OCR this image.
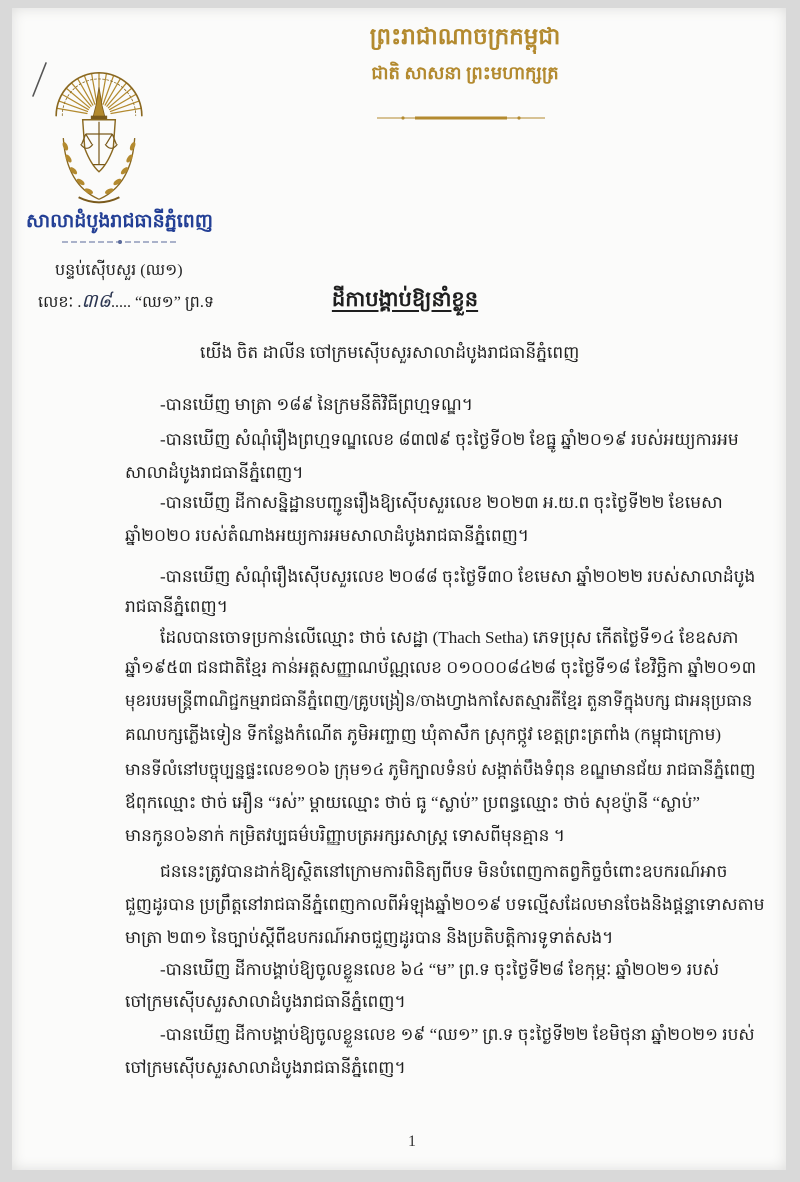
ព្រះរាជាណាចក្រកម្ពុជា
ជាតិ សាសនា ព្រះមហាក្សត្រ
សាលាដំបូងរាជធានីភ្នំពេញ
បន្ទប់ស៊ើបសួរ (ឈ១)
លេខៈ .៣៨..... “ឈ១” ព្រ.ទ	ដីកាបង្គាប់ឱ្យនាំខ្លួន
យើង ចិត ដាលីន ចៅក្រមស៊ើបសួរសាលាដំបូងរាជធានីភ្នំពេញ
-បានឃើញ មាត្រា ១៨៩ នៃក្រមនីតិវិធីព្រហ្មទណ្ឌ។
-បានឃើញ សំណុំរឿងព្រហ្មទណ្ឌលេខ ៨៣៧៩ ចុះថ្ងៃទី០២ ខែធ្នូ ឆ្នាំ២០១៩ របស់អយ្យការអម
សាលាដំបូងរាជធានីភ្នំពេញ។
-បានឃើញ ដីកាសន្និដ្ឋានបញ្ជូនរឿងឱ្យស៊ើបសួរលេខ ២០២៣ អ.យ.ព ចុះថ្ងៃទី២២ ខែមេសា
ឆ្នាំ២០២០ របស់តំណាងអយ្យការអមសាលាដំបូងរាជធានីភ្នំពេញ។
-បានឃើញ សំណុំរឿងស៊ើបសួរលេខ ២០៨៨ ចុះថ្ងៃទី៣០ ខែមេសា ឆ្នាំ២០២២ របស់សាលាដំបូង
រាជធានីភ្នំពេញ។
ដែលបានចោទប្រកាន់លើឈ្មោះ ថាច់ សេដ្ឋា (Thach Setha) ភេទប្រុស កើតថ្ងៃទី១៤ ខែឧសភា
ឆ្នាំ១៩៥៣ ជនជាតិខ្មែរ កាន់អត្តសញ្ញាណប័ណ្ណលេខ ០១០០០៨៤២៨ ចុះថ្ងៃទី១៨ ខែវិច្ឆិកា ឆ្នាំ២០១៣
មុខរបរមន្ត្រីពាណិជ្ជកម្មរាជធានីភ្នំពេញ/គ្រូបង្រៀន/ចាងហ្វាងកាសែតស្មារតីខ្មែរ តួនាទីក្នុងបក្ស ជាអនុប្រធាន
គណបក្សភ្លើងទៀន ទីកន្លែងកំណើត ភូមិអញ្ចាញ ឃុំតាសឹក ស្រុកថ្កូវ ខេត្តព្រះត្រពាំង (កម្ពុជាក្រោម)
មានទីលំនៅបច្ចុប្បន្នផ្ទះលេខ១០៦ ក្រុម១៤ ភូមិក្បាលទំនប់ សង្កាត់បឹងទំពុន ខណ្ឌមានជ័យ រាជធានីភ្នំពេញ
ឪពុកឈ្មោះ ថាច់ អឿន “រស់” ម្ដាយឈ្មោះ ថាច់ ធូ “ស្លាប់” ប្រពន្ធឈ្មោះ ថាច់ សុខប្ញ៉ានី “ស្លាប់”
មានកូន០៦នាក់ កម្រិតវប្បធម៌បរិញ្ញាបត្រអក្សរសាស្ត្រ ទោសពីមុនគ្មាន ។
ជននេះត្រូវបានដាក់ឱ្យស្ថិតនៅក្រោមការពិនិត្យពីបទ មិនបំពេញកាតព្វកិច្ចចំពោះឧបករណ៍អាច
ជួញដូរបាន ប្រព្រឹត្តនៅរាជធានីភ្នំពេញកាលពីអំឡុងឆ្នាំ២០១៩ បទល្មើសដែលមានចែងនិងផ្ដន្ទាទោសតាម
មាត្រា ២៣១ នៃច្បាប់ស្ដីពីឧបករណ៍អាចជួញដូរបាន និងប្រតិបត្តិការទូទាត់សង។
-បានឃើញ ដីកាបង្គាប់ឱ្យចូលខ្លួនលេខ ៦៤ “ម” ព្រ.ទ ចុះថ្ងៃទី២៨ ខែកុម្ភៈ ឆ្នាំ២០២១ របស់
ចៅក្រមស៊ើបសួរសាលាដំបូងរាជធានីភ្នំពេញ។
-បានឃើញ ដីកាបង្គាប់ឱ្យចូលខ្លួនលេខ ១៩ “ឈ១” ព្រ.ទ ចុះថ្ងៃទី២២ ខែមិថុនា ឆ្នាំ២០២១ របស់
ចៅក្រមស៊ើបសួរសាលាដំបូងរាជធានីភ្នំពេញ។
1
